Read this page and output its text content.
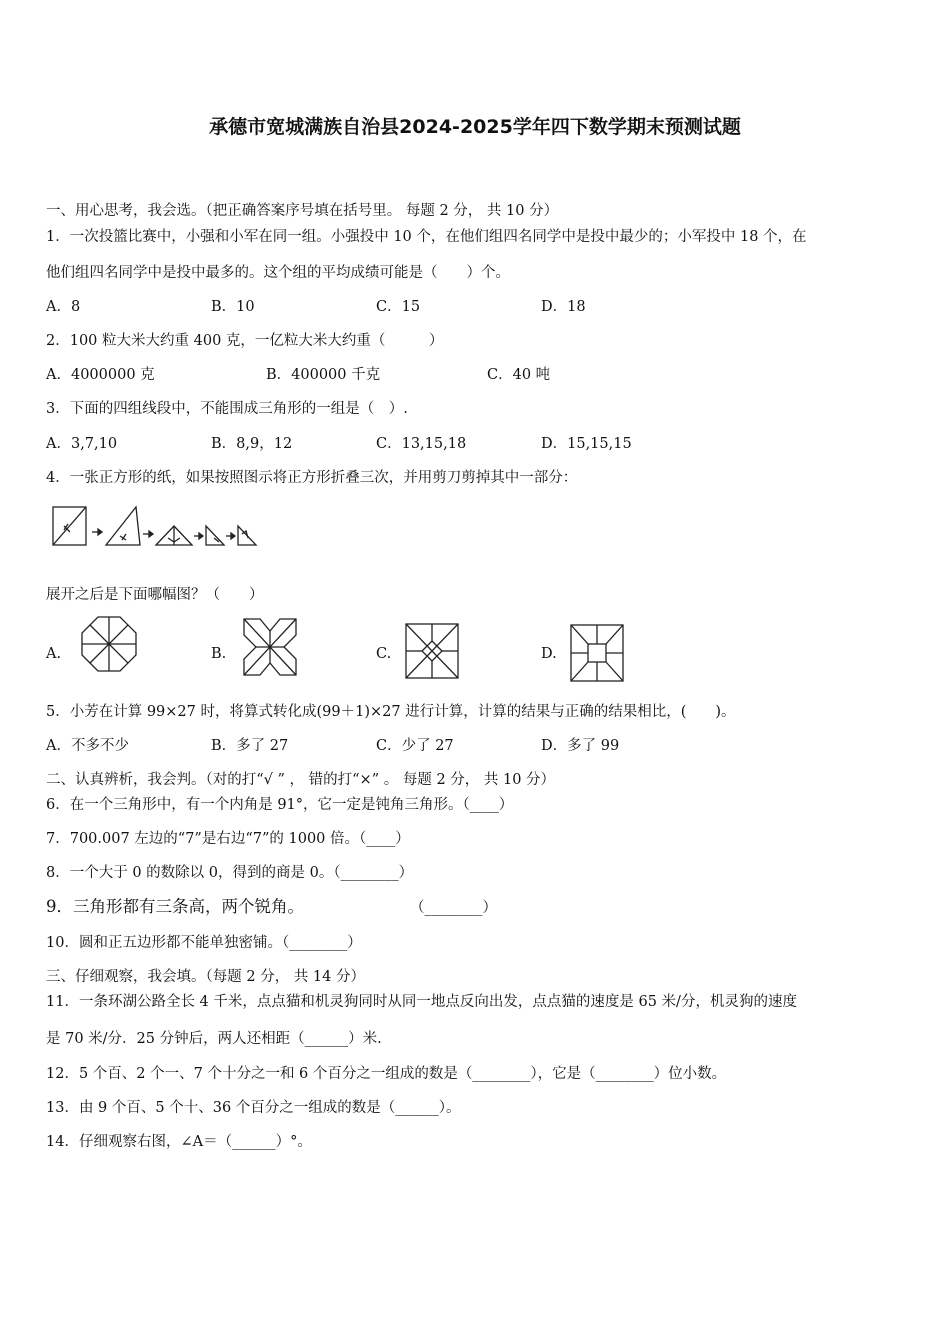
承德市宽城满族自治县2024-2025学年四下数学期末预测试题
一、用心思考，我会选。（把正确答案序号填在括号里。 每题 2 分， 共 10 分）
1．一次投篮比赛中，小强和小军在同一组。小强投中 10 个，在他们组四名同学中是投中最少的；小军投中 18 个，在
他们组四名同学中是投中最多的。这个组的平均成绩可能是（　　）个。
A．8	B．10	C．15	D．18
2．100 粒大米大约重 400 克，一亿粒大米大约重（　　　）
A．4000000 克	B．400000 千克	C．40 吨
3．下面的四组线段中，不能围成三角形的一组是（　）.
A．3,7,10	B．8,9，12	C．13,15,18	D．15,15,15
4．一张正方形的纸，如果按照图示将正方形折叠三次，并用剪刀剪掉其中一部分：
展开之后是下面哪幅图？（　　）
A.	B.	C.	D.
5．小芳在计算 99×27 时，将算式转化成(99＋1)×27 进行计算，计算的结果与正确的结果相比，(　　)。
A．不多不少	B．多了 27	C．少了 27	D．多了 99
二、认真辨析，我会判。（对的打“√ ” ， 错的打“×” 。 每题 2 分， 共 10 分）
6．在一个三角形中，有一个内角是 91°，它一定是钝角三角形。（____）
7．700.007 左边的“7”是右边“7”的 1000 倍。（____）
8．一个大于 0 的数除以 0，得到的商是 0。（________）
9．三角形都有三条高，两个锐角。	（________）
10．圆和正五边形都不能单独密铺。（________）
三、仔细观察，我会填。（每题 2 分， 共 14 分）
11．一条环湖公路全长 4 千米，点点猫和机灵狗同时从同一地点反向出发，点点猫的速度是 65 米/分，机灵狗的速度
是 70 米/分．25 分钟后，两人还相距（______）米.
12．5 个百、2 个一、7 个十分之一和 6 个百分之一组成的数是（________），它是（________）位小数。
13．由 9 个百、5 个十、36 个百分之一组成的数是（______）。
14．仔细观察右图，∠A＝（______）°。
